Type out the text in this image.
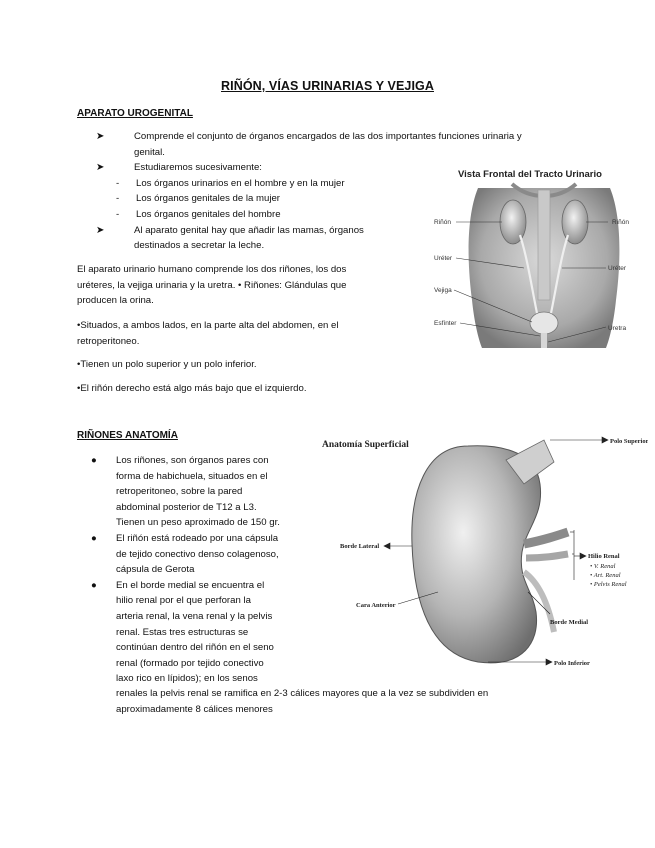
RIÑÓN, VÍAS URINARIAS Y VEJIGA
APARATO UROGENITAL
➤	Comprende el conjunto de órganos encargados de las dos importantes funciones urinaria y
genital.
➤	Estudiaremos sucesivamente:
-	Los órganos urinarios en el hombre y en la mujer
-	Los órganos genitales de la mujer
-	Los órganos genitales del hombre
➤	Al aparato genital hay que añadir las mamas, órganos
destinados a secretar la leche.
El aparato urinario humano comprende los dos riñones, los dos
uréteres, la vejiga urinaria y la uretra. • Riñones: Glándulas que
producen la orina.
•Situados, a ambos lados, en la parte alta del abdomen, en el
retroperitoneo.
•Tienen un polo superior y un polo inferior.
•El riñón derecho está algo más bajo que el izquierdo.
Vista Frontal del Tracto Urinario
Riñón	Riñón
Uréter
Uréter
Vejiga
Esfínter
Uretra
RIÑONES ANATOMÍA
●	Los riñones, son órganos pares con
forma de habichuela, situados en el
retroperitoneo, sobre la pared
abdominal posterior de T12 a L3.
Tienen un peso aproximado de 150 gr.
●	El riñón está rodeado por una cápsula
de tejido conectivo denso colagenoso,
cápsula de Gerota
●	En el borde medial se encuentra el
hilio renal por el que perforan la
arteria renal, la vena renal y la pelvis
renal. Estas tres estructuras se
continúan dentro del riñón en el seno
renal (formado por tejido conectivo
laxo rico en lípidos); en los senos
renales la pelvis renal se ramifica en 2-3 cálices mayores que a la vez se subdividen en
aproximadamente 8 cálices menores
Anatomía Superficial	Polo Superior
Borde Lateral
Hilio Renal
• V. Renal
• Art. Renal
• Pelvis Renal
Cara Anterior
Borde Medial
Polo Inferior
